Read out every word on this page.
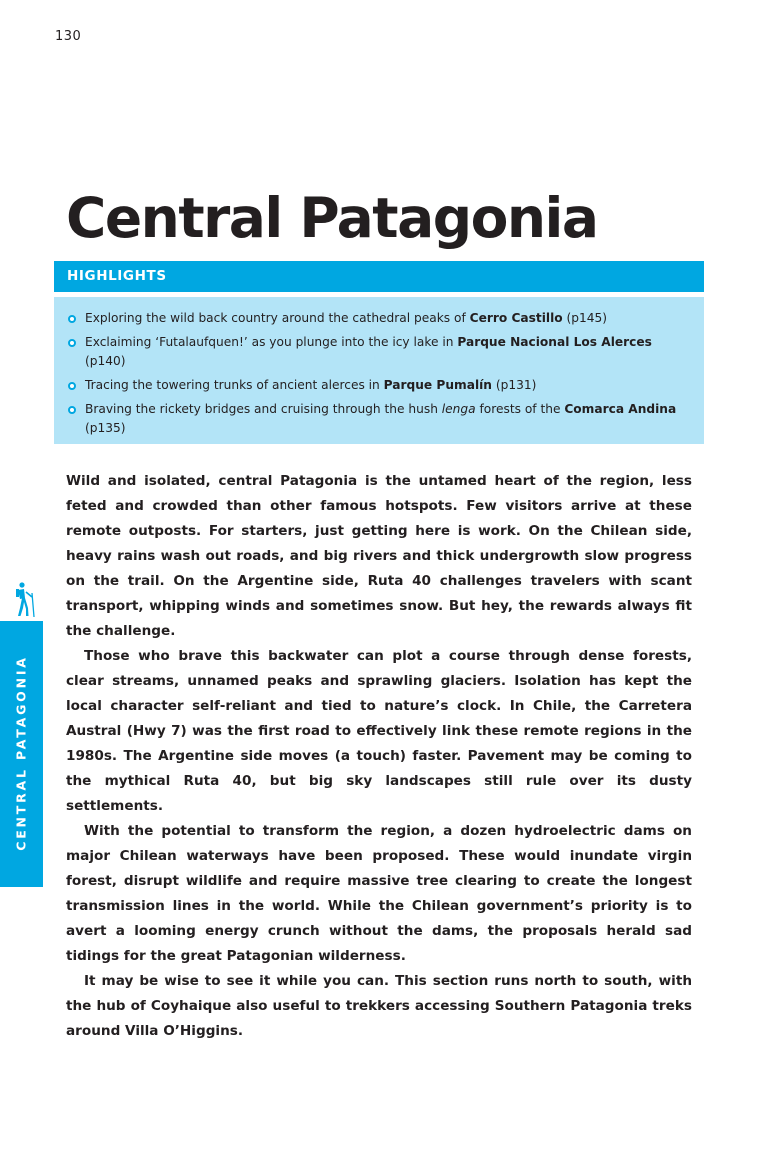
130
Central Patagonia
HIGHLIGHTS
Exploring the wild back country around the cathedral peaks of Cerro Castillo (p145)
Exclaiming ‘Futalaufquen!’ as you plunge into the icy lake in Parque Nacional Los Alerces (p140)
Tracing the towering trunks of ancient alerces in Parque Pumalín (p131)
Braving the rickety bridges and cruising through the hush lenga forests of the Comarca Andina (p135)

Wild and isolated, central Patagonia is the untamed heart of the region, less feted and crowded than other famous hotspots. Few visitors arrive at these remote outposts. For starters, just getting here is work. On the Chilean side, heavy rains wash out roads, and big rivers and thick undergrowth slow progress on the trail. On the Argentine side, Ruta 40 challenges travelers with scant transport, whipping winds and sometimes snow. But hey, the rewards always fit the challenge.

Those who brave this backwater can plot a course through dense forests, clear streams, unnamed peaks and sprawling glaciers. Isolation has kept the local character self-reliant and tied to nature’s clock. In Chile, the Carretera Austral (Hwy 7) was the first road to effectively link these remote regions in the 1980s. The Argentine side moves (a touch) faster. Pavement may be coming to the mythical Ruta 40, but big sky landscapes still rule over its dusty settlements.

With the potential to transform the region, a dozen hydroelectric dams on major Chilean waterways have been proposed. These would inundate virgin forest, disrupt wildlife and require massive tree clearing to create the longest transmission lines in the world. While the Chilean government’s priority is to avert a looming energy crunch without the dams, the proposals herald sad tidings for the great Patagonian wilderness.

It may be wise to see it while you can. This section runs north to south, with the hub of Coyhaique also useful to trekkers accessing Southern Patagonia treks around Villa O’Higgins.

CENTRAL PATAGONIA
